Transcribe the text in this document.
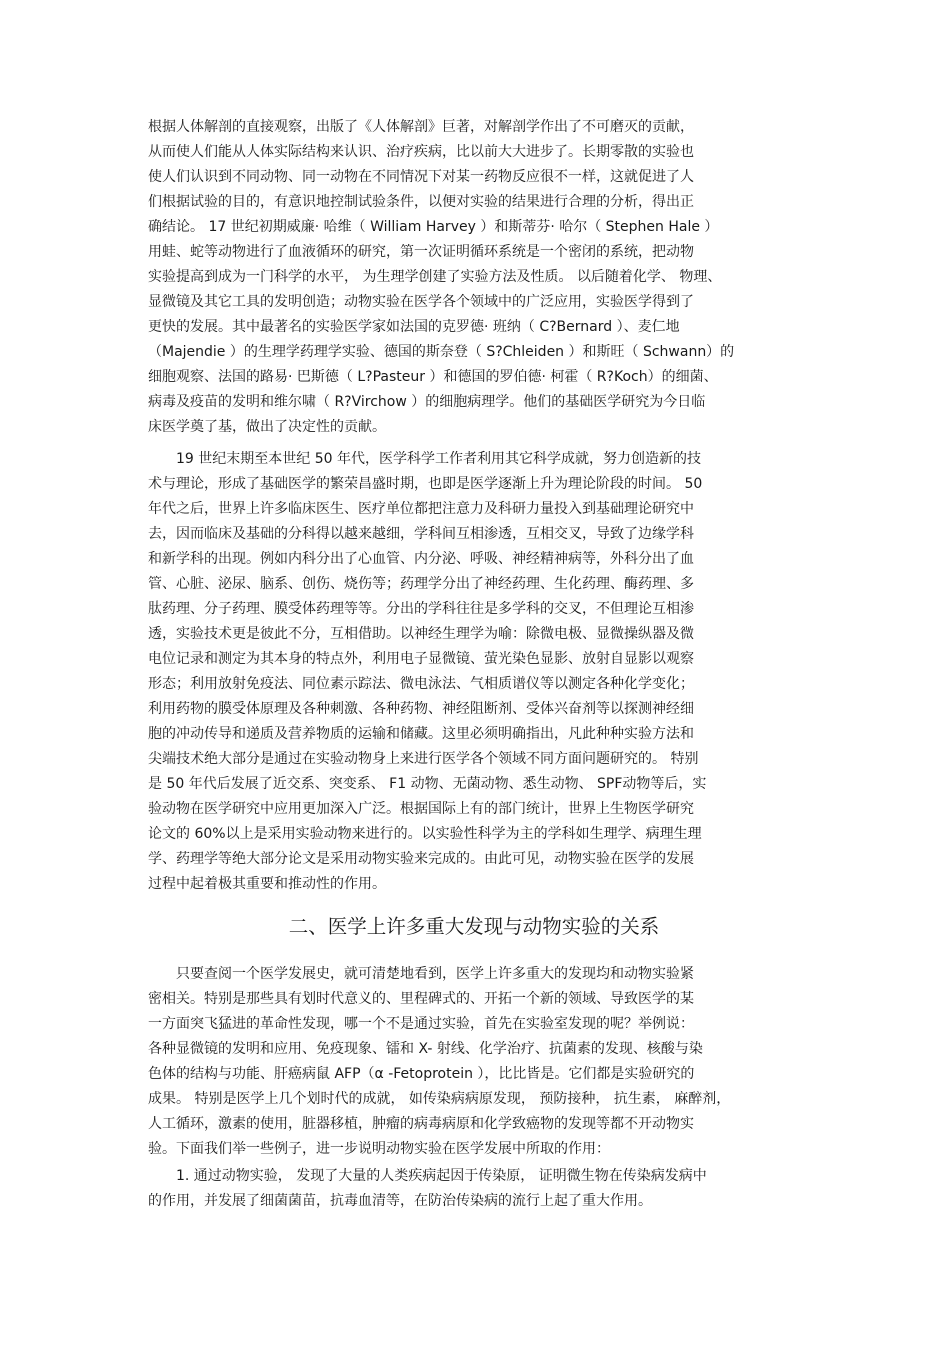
根据人体解剖的直接观察，出版了《人体解剖》巨著，对解剖学作出了不可磨灭的贡献，
从而使人们能从人体实际结构来认识、治疗疾病，比以前大大进步了。长期零散的实验也
使人们认识到不同动物、同一动物在不同情况下对某一药物反应很不一样，这就促进了人
们根据试验的目的，有意识地控制试验条件，以便对实验的结果进行合理的分析，得出正
确结论。 17 世纪初期威廉· 哈维（ William Harvey ）和斯蒂芬· 哈尔（ Stephen Hale ）
用蛙、蛇等动物进行了血液循环的研究，第一次证明循环系统是一个密闭的系统，把动物
实验提高到成为一门科学的水平， 为生理学创建了实验方法及性质。 以后随着化学、 物理、
显微镜及其它工具的发明创造；动物实验在医学各个领域中的广泛应用，实验医学得到了
更快的发展。其中最著名的实验医学家如法国的克罗德· 班纳（ C?Bernard ）、麦仁地
（Majendie ）的生理学药理学实验、德国的斯奈登（ S?Chleiden ）和斯旺（ Schwann）的
细胞观察、法国的路易· 巴斯德（ L?Pasteur ）和德国的罗伯德· 柯霍（ R?Koch）的细菌、
病毒及疫苗的发明和维尔啸（ R?Virchow ）的细胞病理学。他们的基础医学研究为今日临
床医学奠了基，做出了决定性的贡献。
19 世纪末期至本世纪 50 年代，医学科学工作者利用其它科学成就，努力创造新的技
术与理论，形成了基础医学的繁荣昌盛时期，也即是医学逐渐上升为理论阶段的时间。 50
年代之后，世界上许多临床医生、医疗单位都把注意力及科研力量投入到基础理论研究中
去，因而临床及基础的分科得以越来越细，学科间互相渗透，互相交叉，导致了边缘学科
和新学科的出现。例如内科分出了心血管、内分泌、呼吸、神经精神病等，外科分出了血
管、心脏、泌尿、脑系、创伤、烧伤等；药理学分出了神经药理、生化药理、酶药理、多
肽药理、分子药理、膜受体药理等等。分出的学科往往是多学科的交叉，不但理论互相渗
透，实验技术更是彼此不分，互相借助。以神经生理学为喻：除微电极、显微操纵器及微
电位记录和测定为其本身的特点外，利用电子显微镜、萤光染色显影、放射自显影以观察
形态；利用放射免疫法、同位素示踪法、微电泳法、气相质谱仪等以测定各种化学变化；
利用药物的膜受体原理及各种刺激、各种药物、神经阻断剂、受体兴奋剂等以探测神经细
胞的冲动传导和递质及营养物质的运输和储藏。这里必须明确指出，凡此种种实验方法和
尖端技术绝大部分是通过在实验动物身上来进行医学各个领域不同方面问题研究的。 特别
是 50 年代后发展了近交系、突变系、 F1 动物、无菌动物、悉生动物、 SPF动物等后，实
验动物在医学研究中应用更加深入广泛。根据国际上有的部门统计，世界上生物医学研究
论文的 60%以上是采用实验动物来进行的。以实验性科学为主的学科如生理学、病理生理
学、药理学等绝大部分论文是采用动物实验来完成的。由此可见，动物实验在医学的发展
过程中起着极其重要和推动性的作用。
二、医学上许多重大发现与动物实验的关系
只要查阅一个医学发展史，就可清楚地看到，医学上许多重大的发现均和动物实验紧
密相关。特别是那些具有划时代意义的、里程碑式的、开拓一个新的领域、导致医学的某
一方面突飞猛进的革命性发现，哪一个不是通过实验，首先在实验室发现的呢？举例说：
各种显微镜的发明和应用、免疫现象、镭和 X- 射线、化学治疗、抗菌素的发现、核酸与染
色体的结构与功能、肝癌病鼠 AFP（α -Fetoprotein ），比比皆是。它们都是实验研究的
成果。 特别是医学上几个划时代的成就， 如传染病病原发现， 预防接种， 抗生素， 麻醉剂，
人工循环，激素的使用，脏器移植，肿瘤的病毒病原和化学致癌物的发现等都不开动物实
验。下面我们举一些例子，进一步说明动物实验在医学发展中所取的作用：
1. 通过动物实验， 发现了大量的人类疾病起因于传染原， 证明微生物在传染病发病中
的作用，并发展了细菌菌苗，抗毒血清等，在防治传染病的流行上起了重大作用。
